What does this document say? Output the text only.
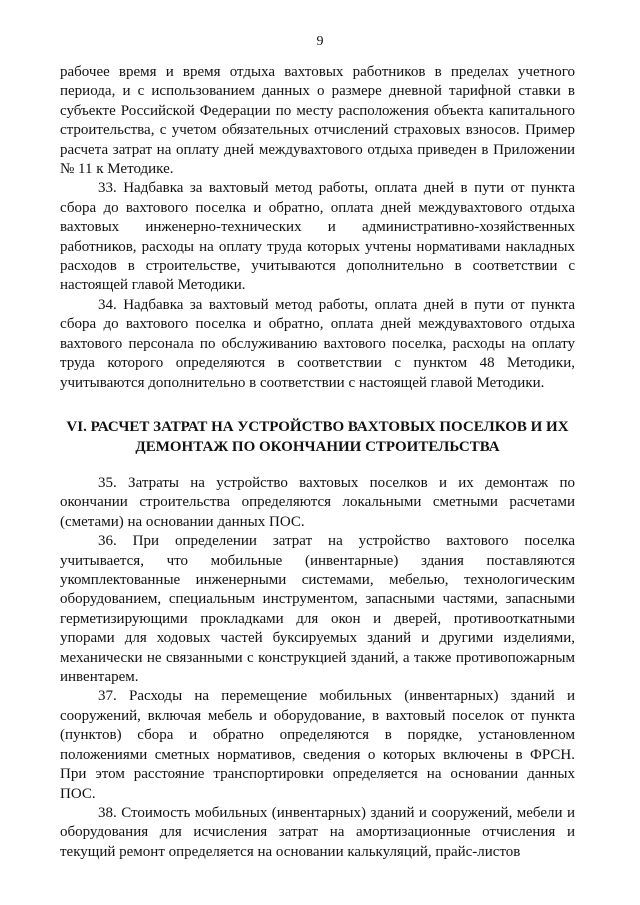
9

рабочее время и время отдыха вахтовых работников в пределах учетного периода, и с использованием данных о размере дневной тарифной ставки в субъекте Российской Федерации по месту расположения объекта капитального строительства, с учетом обязательных отчислений страховых взносов. Пример расчета затрат на оплату дней междувахтового отдыха приведен в Приложении № 11 к Методике.

33. Надбавка за вахтовый метод работы, оплата дней в пути от пункта сбора до вахтового поселка и обратно, оплата дней междувахтового отдыха вахтовых инженерно-технических и административно-хозяйственных работников, расходы на оплату труда которых учтены нормативами накладных расходов в строительстве, учитываются дополнительно в соответствии с настоящей главой Методики.

34. Надбавка за вахтовый метод работы, оплата дней в пути от пункта сбора до вахтового поселка и обратно, оплата дней междувахтового отдыха вахтового персонала по обслуживанию вахтового поселка, расходы на оплату труда которого определяются в соответствии с пунктом 48 Методики, учитываются дополнительно в соответствии с настоящей главой Методики.

VI. РАСЧЕТ ЗАТРАТ НА УСТРОЙСТВО ВАХТОВЫХ ПОСЕЛКОВ И ИХ ДЕМОНТАЖ ПО ОКОНЧАНИИ СТРОИТЕЛЬСТВА

35. Затраты на устройство вахтовых поселков и их демонтаж по окончании строительства определяются локальными сметными расчетами (сметами) на основании данных ПОС.

36. При определении затрат на устройство вахтового поселка учитывается, что мобильные (инвентарные) здания поставляются укомплектованные инженерными системами, мебелью, технологическим оборудованием, специальным инструментом, запасными частями, запасными герметизирующими прокладками для окон и дверей, противооткатными упорами для ходовых частей буксируемых зданий и другими изделиями, механически не связанными с конструкцией зданий, а также противопожарным инвентарем.

37. Расходы на перемещение мобильных (инвентарных) зданий и сооружений, включая мебель и оборудование, в вахтовый поселок от пункта (пунктов) сбора и обратно определяются в порядке, установленном положениями сметных нормативов, сведения о которых включены в ФРСН. При этом расстояние транспортировки определяется на основании данных ПОС.

38. Стоимость мобильных (инвентарных) зданий и сооружений, мебели и оборудования для исчисления затрат на амортизационные отчисления и текущий ремонт определяется на основании калькуляций, прайс-листов
